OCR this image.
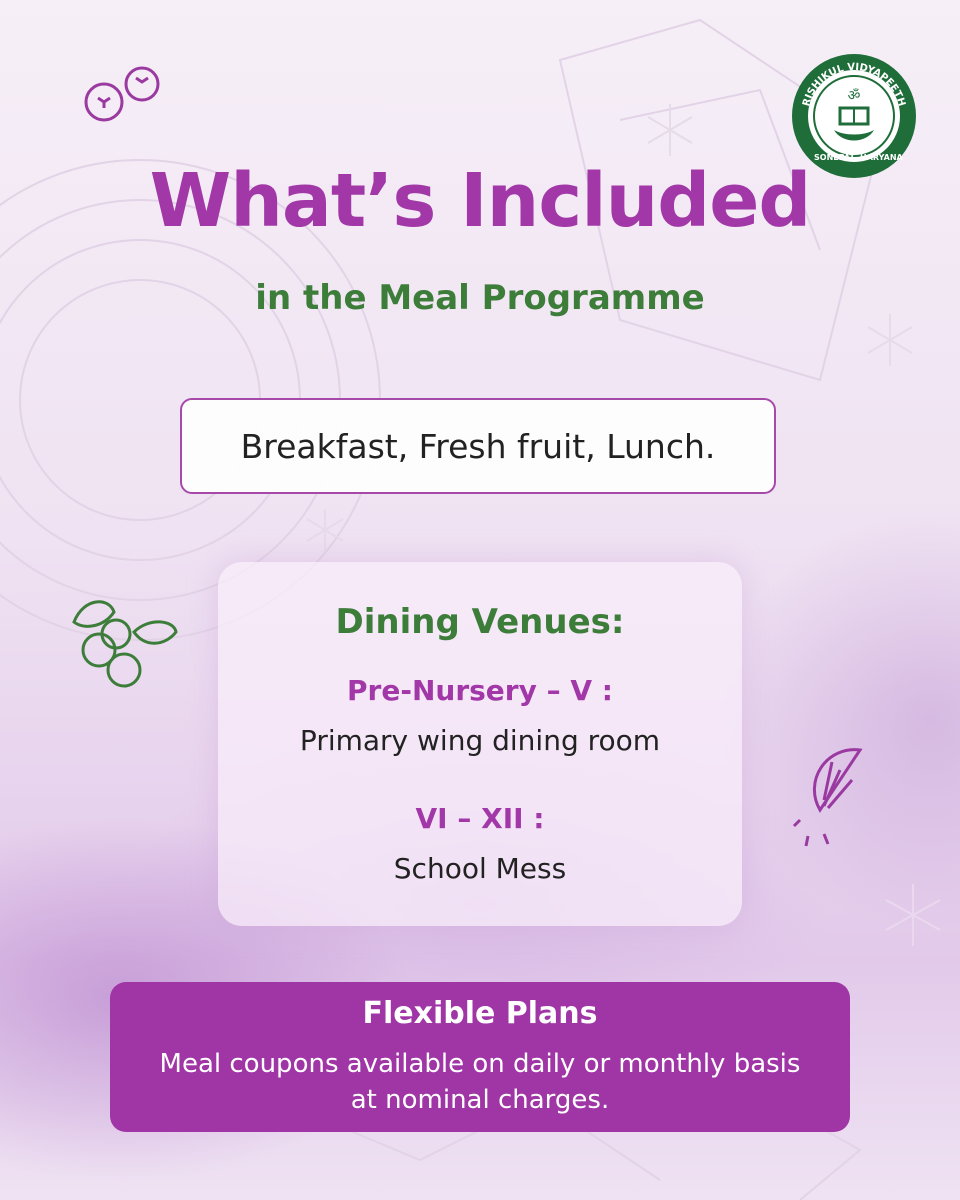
ॐ
RISHIKUL VIDYAPEETH
SONEPAT HARYANA
What’s Included
in the Meal Programme
Breakfast, Fresh fruit, Lunch.
Dining Venues:
Pre-Nursery – V :
Primary wing dining room
VI – XII :
School Mess
Flexible Plans
Meal coupons available on daily or monthly basis at nominal charges.
